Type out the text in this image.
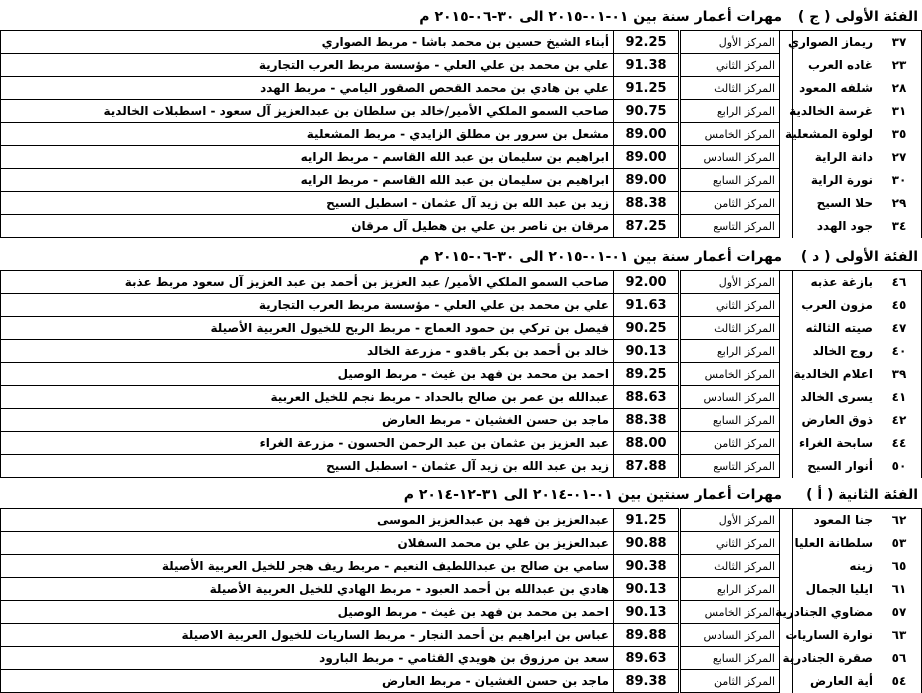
الفئة الأولى ( ج )
مهرات أعمار سنة بين ٠١-٠١-٢٠١٥ الى ٣٠-٠٦-٢٠١٥ م
٣٧	ريماز الصواري		المركز الأول	92.25	أبناء الشيخ حسين بن محمد باشا - مربط الصواري
٢٣	غاده العرب		المركز الثاني	91.38	علي بن محمد بن علي العلي - مؤسسة مربط العرب التجارية
٢٨	شلفه المعود		المركز الثالث	91.25	علي بن هادي بن محمد القحص الصقور اليامي - مربط الهدد
٣١	غرسة الخالدية		المركز الرابع	90.75	صاحب السمو الملكي الأمير/خالد بن سلطان بن عبدالعزيز آل سعود - اسطبلات الخالدية
٣٥	لولوة المشعلية		المركز الخامس	89.00	مشعل بن سرور بن مطلق الزايدي - مربط المشعلية
٢٧	دانة الراية		المركز السادس	89.00	ابراهيم بن سليمان بن عبد الله القاسم - مربط الرايه
٣٠	نورة الراية		المركز السابع	89.00	ابراهيم بن سليمان بن عبد الله القاسم - مربط الرايه
٢٩	حلا السيح		المركز الثامن	88.38	زيد بن عبد الله بن زيد آل عثمان - اسطبل السيح
٣٤	جود الهدد		المركز التاسع	87.25	مرقان بن ناصر بن علي بن هطيل آل مرقان
الفئة الأولى ( د )
مهرات أعمار سنة بين ٠١-٠١-٢٠١٥ الى ٣٠-٠٦-٢٠١٥ م
٤٦	بازغة عذبه		المركز الأول	92.00	صاحب السمو الملكي الأمير/ عبد العزيز بن أحمد بن عبد العزيز آل سعود مربط عذبة
٤٥	مزون العرب		المركز الثاني	91.63	علي بن محمد بن علي العلي - مؤسسة مربط العرب التجارية
٤٧	صيته الثالثه		المركز الثالث	90.25	فيصل بن تركي بن حمود العماج - مربط الريح للخيول العربية الأصيلة
٤٠	روج الخالد		المركز الرابع	90.13	خالد بن أحمد بن بكر باقدو - مزرعة الخالد
٣٩	اعلام الخالدية		المركز الخامس	89.25	احمد بن محمد بن فهد بن غيث - مربط الوصيل
٤١	يسرى الخالد		المركز السادس	88.63	عبدالله بن عمر بن صالح بالحداد - مربط نجم للخيل العربية
٤٢	ذوق العارض		المركز السابع	88.38	ماجد بن حسن الغشيان - مربط العارض
٤٤	سابحة الغراء		المركز الثامن	88.00	عبد العزيز بن عثمان بن عبد الرحمن الحسون - مزرعة الغراء
٥٠	أنوار السيح		المركز التاسع	87.88	زيد بن عبد الله بن زيد آل عثمان - اسطبل السيح
الفئة الثانية ( أ )
مهرات أعمار سنتين بين ٠١-٠١-٢٠١٤ الى ٣١-١٢-٢٠١٤ م
٦٢	جنا المعود		المركز الأول	91.25	عبدالعزيز بن فهد بن عبدالعزيز الموسى
٥٣	سلطانة العليا		المركز الثاني	90.88	عبدالعزيز بن علي بن محمد السفلان
٦٥	زينه		المركز الثالث	90.38	سامي بن صالح بن عبداللطيف النعيم - مربط ريف هجر للخيل العربية الأصيلة
٦١	ايليا الجمال		المركز الرابع	90.13	هادي بن عبدالله بن أحمد العبود - مربط الهادي للخيل العربية الأصيلة
٥٧	مضاوي الجنادرية		المركز الخامس	90.13	احمد بن محمد بن فهد بن غيث - مربط الوصيل
٦٣	نوارة الساريات		المركز السادس	89.88	عباس بن ابراهيم بن أحمد النجار - مربط الساريات للخيول العربية الاصيلة
٥٦	صقرة الجنادرية		المركز السابع	89.63	سعد بن مرزوق بن هويدي القثامي - مربط البارود
٥٤	أية العارض		المركز الثامن	89.38	ماجد بن حسن الغشيان - مربط العارض
